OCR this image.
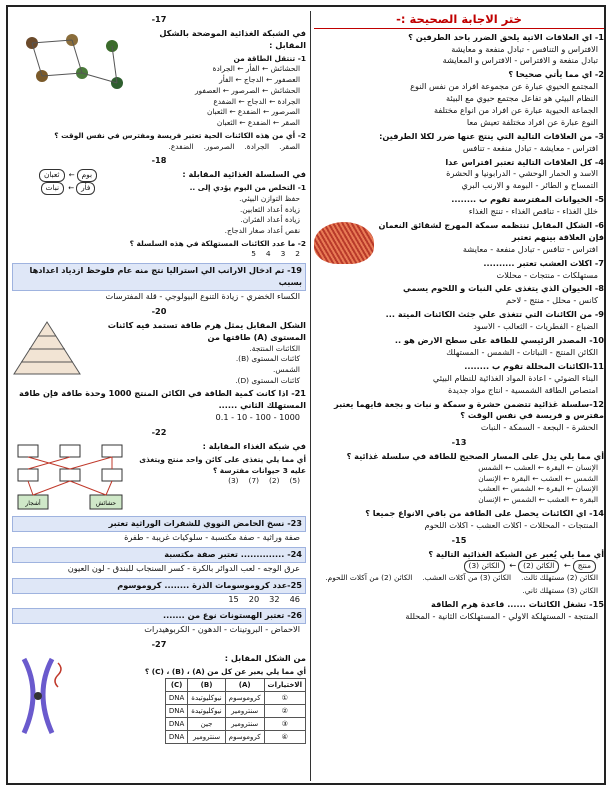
ختر الاجابة الصحيحة :-
1- اي العلاقات الاتية يلحق الضرر باحد الطرفين ؟
الافتراس و التنافس - تبادل منفعة و معايشة
تبادل منفعة و الافتراس - الافتراس و المعايشة
2- اي مما يأتي صحيحا ؟
المجتمع الحيوي عبارة عن مجموعة افراد من نفس النوع
النظام البيئي هو تفاعل مجتمع حيوي مع البيئة
الجماعة الحيوية عبارة عن افراد من انواع مختلفة
النوع عبارة عن افراد مختلفة تعيش معا
3- من العلاقات التالية التي ينتج عنها ضرر لكلا الطرفين:
افتراس - معايشة - تبادل منفعة - تنافس
4- كل العلاقات التالية تعتبر افتراس عدا
الاسد و الحمار الوحشي - الدرابونيا و الحشرة
التمساح و الطائر - البومة و الارنب البري
5- الحيوانات المفترسة تقوم ب ........
خلل الغذاء - تناقص الغذاء - تنتج الغذاء
6- الشكل المقابل تنتظمه سمكة المهرج لشقائق النعمان فإن العلاقة بينهم تعتبر
افتراس - تنافس - تبادل منفعة - معايشة
7- اكلات العشب تعتبر ..........
مستهلكات - منتجات - محللات
8- الحيوان الذي يتغذى علي النبات و اللحوم يسمي
كانس - محلل - منتج - لاحم
9- من الكائنات التي تتغذى علي جثث الكائنات الميتة ...
الضباع - الفطريات - الثعالب - الاسود
10- المصدر الرئيسي للطاقة على سطح الارض هو ..
الكائن المنتج - النباتات - الشمس - المستهلك
11-الكائنات المحللة تقوم ب ........
البناء الضوئي - اعادة المواد الغذائية للنظام البيئي
امتصاص الطاقة الشمسية - انتاج مواد جديدة
12-سلسلة غذائية تتضمن حشرة و سمكة و نبات و بجعة فايهما يعتبر مفترس و فريسة في نفس الوقت ؟
الحشرة - البجعة - السمكة - النبات
13-
أي مما يلي يدل على المسار الصحيح للطاقة في سلسلة غذائية ؟
الإنسان ← البقرة ← العشب ← الشمس
الشمس ← العشب ← البقرة ← الإنسان
الإنسان ← البقرة ← الشمس ← العشب
البقرة ← العشب ← الشمس ← الإنسان
14- اي الكائنات يحصل على الطاقة من باقي الانواع جميعا ؟
المنتجات - المحللات - اكلات العشب - اكلات اللحوم
15-
أي مما يلي يُعبر عن الشبكة الغذائية التالية ؟
منتج← الكائن (2)← الكائن (3)
الكائن (2) مستهلك ثالث.
الكائن (3) من آكلات العشب.
الكائن (2) من آكلات اللحوم.
الكائن (3) مستهلك ثاني.
15- تشغل الكائنات ...... قاعدة هرم الطاقة
المنتجة - المستهلكة الاولي - المستهلكات الثانية - المحللة
17-
في الشبكة الغذائية الموضحة بالشكل المقابل :
1- تنتقل الطاقة من
الحشائش ← الفأر ← الجرادة
العصفور ← الدجاج ← الفأر
الحشائش ← الصرصور ← العصفور
الجرادة ← الدجاج ← الضفدع
الصرصور ← الضفدع ← الثعبان
الصقر ← الضفدع ← الثعبان
2- أي من هذه الكائنات الحية تعتبر فريسة ومفترس في نفس الوقت ؟
الصقر.
الجرادة.
الصرصور.
الضفدع.
18-
بوم← ثعبان
فأر← نبات
في السلسلة الغذائية المقابلة :
1- التخلص من البوم يؤدي إلى ..
حفظ التوازن البيئي.
زيادة أعداد الثعابين.
زيادة أعداد الفئران.
نقص أعداد صغار الدجاج.
2- ما عدد الكائنات المستهلكة في هذه السلسلة ؟
2
3
4
5
19- تم ادخال الارانب الي استراليا نتج منه عام فلوحظ ازدياد اعدادها بسبب
الكساء الخضري - زيادة التنوع البيولوجي - قلة المفترسات
20-
الشكل المقابل يمثل هرم طاقة تستمد فيه كائنات المستوى (A) طاقتها من
الكائنات المنتجة.
كائنات المستوى (B).
الشمس.
كائنات المستوى (D).
21- اذا كانت كمية الطاقة في الكائن المنتج 1000 وحدة طاقة فإن طاقة المستهلك الثاني ......
1000 - 100 - 10 - 0.1
22-
أشجار	حشائش
في شبكة الغذاء المقابلة :
أي مما يلي يتغذى على كائن واحد منتج ويتغذى عليه 3 حيوانات مفترسة ؟
(5)
(2)
(7)
(3)
23- نسخ الحامض النووي للشفرات الوراثية تعتبر
صفة وراثية - صفة مكتسبة - سلوكيات غريبة - طفرة
24- .............. تعتبر صفة مكتسبة
عرق الوجه - لعب الدوائر بالكرة - كسر السنجاب للبندق - لون العيون
25-عدد كروموسومات الذرة ........ كروموسوم
46
32
20
15
26- تعتبر الهستونات نوع من .......
الاحماض - البروتينات - الدهون - الكربوهيدرات
27-
من الشكل المقابل :
أي مما يلي يعبر عن كل من (A) ، (B) ، (C) ؟
الاختيارات	(A)	(B)	(C)
①	كروموسوم	نيوكليوتيدة	DNA
②	سنترومير	نيوكليوتيدة	DNA
③	سنترومير	جين	DNA
④	كروموسوم	سنترومير	DNA
